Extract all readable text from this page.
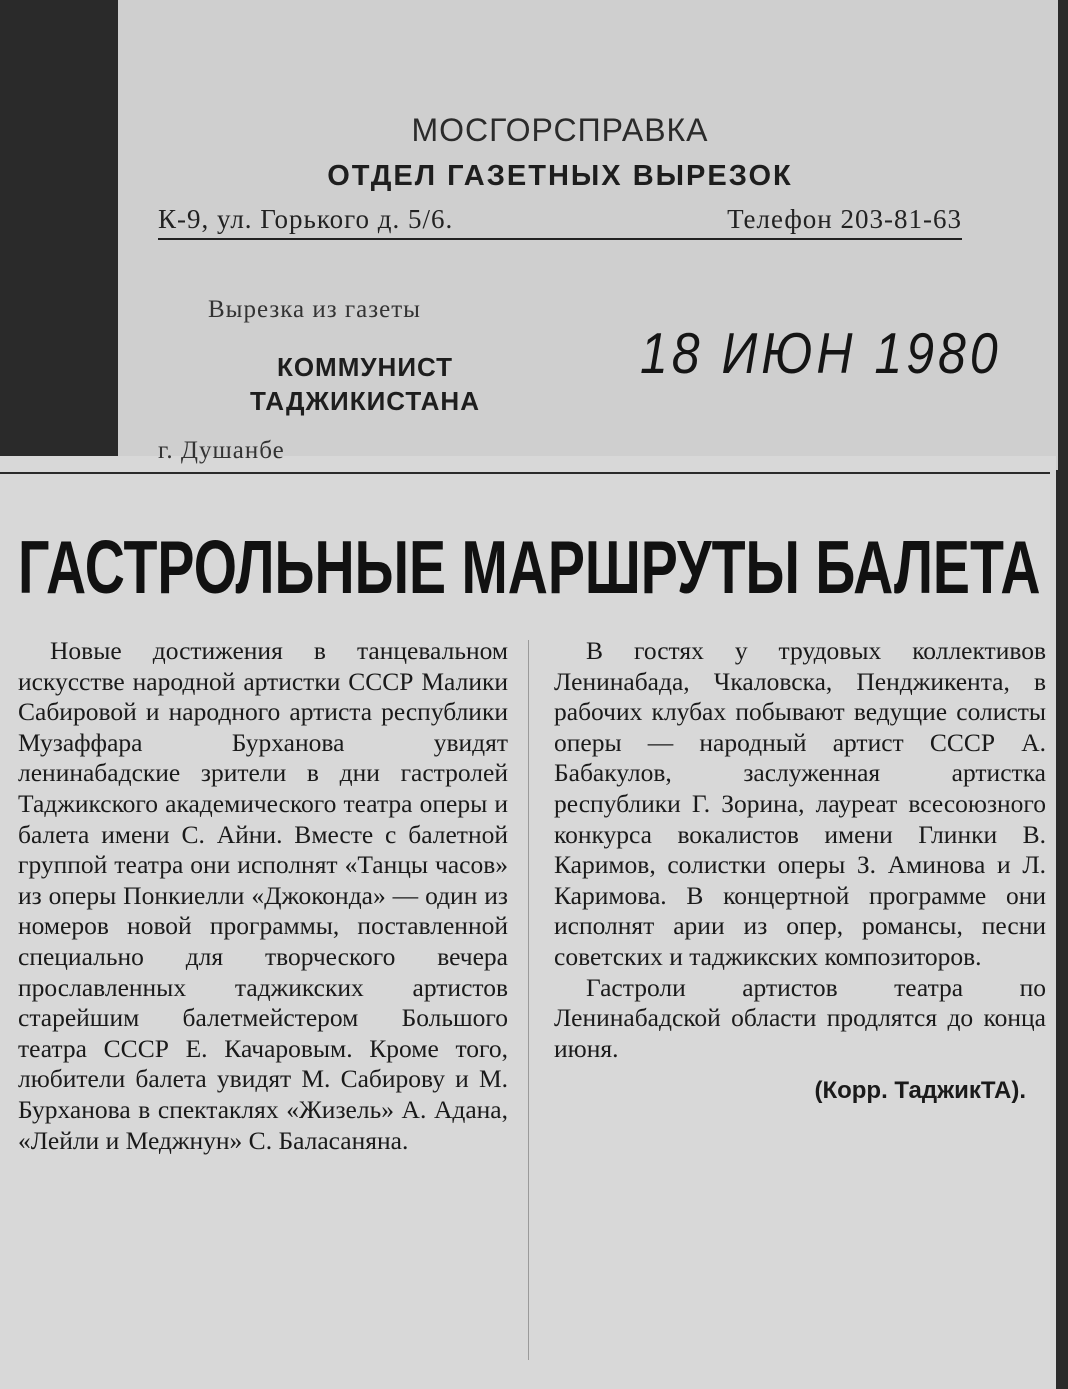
МОСГОРСПРАВКА
ОТДЕЛ ГАЗЕТНЫХ ВЫРЕЗОК
К-9, ул. Горького д. 5/6.	Телефон 203-81-63
Вырезка из газеты
КОММУНИСТ
ТАДЖИКИСТАНА
18 ИЮН 1980
г. Душанбе
ГАСТРОЛЬНЫЕ МАРШРУТЫ БАЛЕТА

Новые достижения в танцевальном искусстве народной артистки СССР Малики Сабировой и народного артиста республики Музаффара Бурханова увидят ленинабадские зрители в дни гастролей Таджикского академического театра оперы и балета имени С. Айни. Вместе с балетной группой театра они исполнят «Танцы часов» из оперы Понкиелли «Джоконда» — один из номеров новой программы, поставленной специально для творческого вечера прославленных таджикских артистов старейшим балетмейстером Большого театра СССР Е. Качаровым. Кроме того, любители балета увидят М. Сабирову и М. Бурханова в спектаклях «Жизель» А. Адана, «Лейли и Меджнун» С. Баласаняна.

В гостях у трудовых коллективов Ленинабада, Чкаловска, Пенджикента, в рабочих клубах побывают ведущие солисты оперы — народный артист СССР А. Бабакулов, заслуженная артистка республики Г. Зорина, лауреат всесоюзного конкурса вокалистов имени Глинки В. Каримов, солистки оперы З. Аминова и Л. Каримова. В концертной программе они исполнят арии из опер, романсы, песни советских и таджикских композиторов.

Гастроли артистов театра по Ленинабадской области продлятся до конца июня.

(Корр. ТаджикТА).
